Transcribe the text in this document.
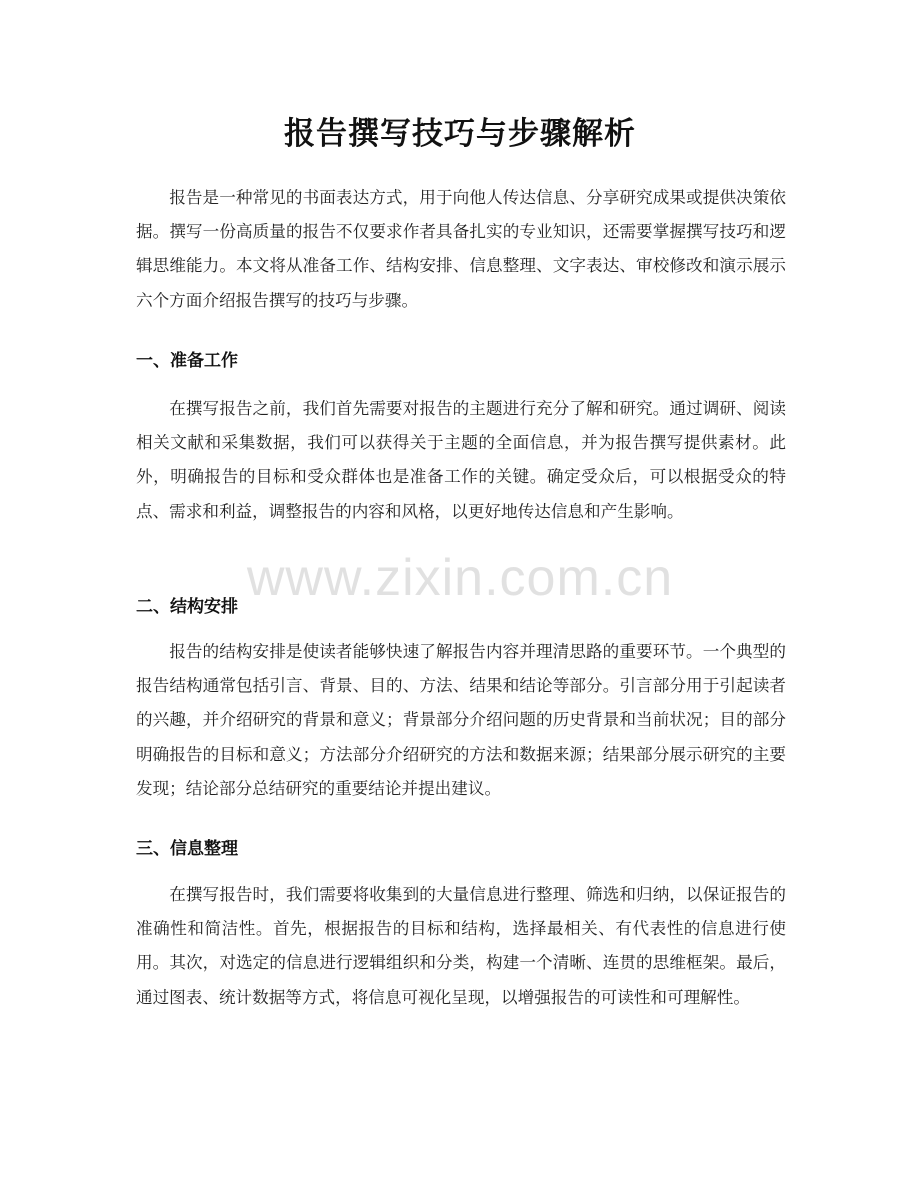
报告撰写技巧与步骤解析

报告是一种常见的书面表达方式，用于向他人传达信息、分享研究成果或提供决策依据。撰写一份高质量的报告不仅要求作者具备扎实的专业知识，还需要掌握撰写技巧和逻辑思维能力。本文将从准备工作、结构安排、信息整理、文字表达、审校修改和演示展示六个方面介绍报告撰写的技巧与步骤。

一、准备工作

在撰写报告之前，我们首先需要对报告的主题进行充分了解和研究。通过调研、阅读相关文献和采集数据，我们可以获得关于主题的全面信息，并为报告撰写提供素材。此外，明确报告的目标和受众群体也是准备工作的关键。确定受众后，可以根据受众的特点、需求和利益，调整报告的内容和风格，以更好地传达信息和产生影响。

二、结构安排

报告的结构安排是使读者能够快速了解报告内容并理清思路的重要环节。一个典型的报告结构通常包括引言、背景、目的、方法、结果和结论等部分。引言部分用于引起读者的兴趣，并介绍研究的背景和意义；背景部分介绍问题的历史背景和当前状况；目的部分明确报告的目标和意义；方法部分介绍研究的方法和数据来源；结果部分展示研究的主要发现；结论部分总结研究的重要结论并提出建议。

三、信息整理

在撰写报告时，我们需要将收集到的大量信息进行整理、筛选和归纳，以保证报告的准确性和简洁性。首先，根据报告的目标和结构，选择最相关、有代表性的信息进行使用。其次，对选定的信息进行逻辑组织和分类，构建一个清晰、连贯的思维框架。最后，通过图表、统计数据等方式，将信息可视化呈现，以增强报告的可读性和可理解性。

www.zixin.com.cn
